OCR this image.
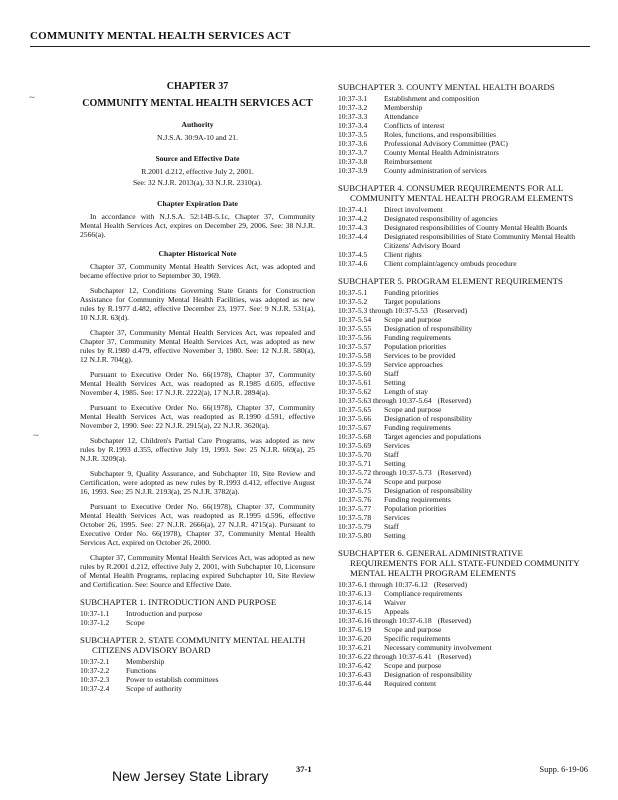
COMMUNITY MENTAL HEALTH SERVICES ACT
CHAPTER 37
COMMUNITY MENTAL HEALTH SERVICES ACT
Authority
N.J.S.A. 30:9A-10 and 21.
Source and Effective Date
R.2001 d.212, effective July 2, 2001.
See: 32 N.J.R. 2013(a), 33 N.J.R. 2310(a).
Chapter Expiration Date
In accordance with N.J.S.A. 52:14B-5.1c, Chapter 37, Community Mental Health Services Act, expires on December 29, 2006. See: 38 N.J.R. 2566(a).
Chapter Historical Note
Chapter 37, Community Mental Health Services Act, was adopted and became effective prior to September 30, 1969.
Subchapter 12, Conditions Governing State Grants for Construction Assistance for Community Mental Health Facilities, was adopted as new rules by R.1977 d.482, effective December 23, 1977. See: 9 N.J.R. 531(a), 10 N.J.R. 63(d).
Chapter 37, Community Mental Health Services Act, was repealed and Chapter 37, Community Mental Health Services Act, was adopted as new rules by R.1980 d.479, effective November 3, 1980. See: 12 N.J.R. 580(a), 12 N.J.R. 704(g).
Pursuant to Executive Order No. 66(1978), Chapter 37, Community Mental Health Services Act, was readopted as R.1985 d.605, effective November 4, 1985. See: 17 N.J.R. 2222(a), 17 N.J.R. 2894(a).
Pursuant to Executive Order No. 66(1978), Chapter 37, Community Mental Health Services Act, was readopted as R.1990 d.591, effective November 2, 1990. See: 22 N.J.R. 2915(a), 22 N.J.R. 3620(a).
Subchapter 12, Children's Partial Care Programs, was adopted as new rules by R.1993 d.355, effective July 19, 1993. See: 25 N.J.R. 669(a), 25 N.J.R. 3209(a).
Subchapter 9, Quality Assurance, and Subchapter 10, Site Review and Certification, were adopted as new rules by R.1993 d.412, effective August 16, 1993. See: 25 N.J.R. 2193(a), 25 N.J.R. 3782(a).
Pursuant to Executive Order No. 66(1978), Chapter 37, Community Mental Health Services Act, was readopted as R.1995 d.596, effective October 26, 1995. See: 27 N.J.R. 2666(a), 27 N.J.R. 4715(a). Pursuant to Executive Order No. 66(1978), Chapter 37, Community Mental Health Services Act, expired on October 26, 2000.
Chapter 37, Community Mental Health Services Act, was adopted as new rules by R.2001 d.212, effective July 2, 2001, with Subchapter 10, Licensure of Mental Health Programs, replacing expired Subchapter 10, Site Review and Certification. See: Source and Effective Date.
SUBCHAPTER 1. INTRODUCTION AND PURPOSE
10:37-1.1	Introduction and purpose
10:37-1.2	Scope
SUBCHAPTER 2. STATE COMMUNITY MENTAL HEALTH CITIZENS ADVISORY BOARD
10:37-2.1	Membership
10:37-2.2	Functions
10:37-2.3	Power to establish committees
10:37-2.4	Scope of authority
SUBCHAPTER 3. COUNTY MENTAL HEALTH BOARDS
10:37-3.1	Establishment and composition
10:37-3.2	Membership
10:37-3.3	Attendance
10:37-3.4	Conflicts of interest
10:37-3.5	Roles, functions, and responsibilities
10:37-3.6	Professional Advisory Committee (PAC)
10:37-3.7	County Mental Health Administrators
10:37-3.8	Reimbursement
10:37-3.9	County administration of services
SUBCHAPTER 4. CONSUMER REQUIREMENTS FOR ALL COMMUNITY MENTAL HEALTH PROGRAM ELEMENTS
10:37-4.1	Direct involvement
10:37-4.2	Designated responsibility of agencies
10:37-4.3	Designated responsibilities of County Mental Health Boards
10:37-4.4	Designated responsibilities of State Community Mental Health Citizens' Advisory Board
10:37-4.5	Client rights
10:37-4.6	Client complaint/agency ombuds procedure
SUBCHAPTER 5. PROGRAM ELEMENT REQUIREMENTS
10:37-5.1	Funding priorities
10:37-5.2	Target populations
10:37-5.3 through 10:37-5.53 (Reserved)
10:37-5.54	Scope and purpose
10:37-5.55	Designation of responsibility
10:37-5.56	Funding requirements
10:37-5.57	Population priorities
10:37-5.58	Services to be provided
10:37-5.59	Service approaches
10:37-5.60	Staff
10:37-5.61	Setting
10:37-5.62	Length of stay
10:37-5.63 through 10:37-5.64 (Reserved)
10:37-5.65	Scope and purpose
10:37-5.66	Designation of responsibility
10:37-5.67	Funding requirements
10:37-5.68	Target agencies and populations
10:37-5.69	Services
10:37-5.70	Staff
10:37-5.71	Setting
10:37-5.72 through 10:37-5.73 (Reserved)
10:37-5.74	Scope and purpose
10:37-5.75	Designation of responsibility
10:37-5.76	Funding requirements
10:37-5.77	Population priorities
10:37-5.78	Services
10:37-5.79	Staff
10:37-5.80	Setting
SUBCHAPTER 6. GENERAL ADMINISTRATIVE REQUIREMENTS FOR ALL STATE-FUNDED COMMUNITY MENTAL HEALTH PROGRAM ELEMENTS
10:37-6.1 through 10:37-6.12 (Reserved)
10:37-6.13	Compliance requirements
10:37-6.14	Waiver
10:37-6.15	Appeals
10:37-6.16 through 10:37-6.18 (Reserved)
10:37-6.19	Scope and purpose
10:37-6.20	Specific requirements
10:37-6.21	Necessary community involvement
10:37-6.22 through 10:37-6.41 (Reserved)
10:37-6.42	Scope and purpose
10:37-6.43	Designation of responsibility
10:37-6.44	Required content
New Jersey State Library	37-1	Supp. 6-19-06
∼
∼
